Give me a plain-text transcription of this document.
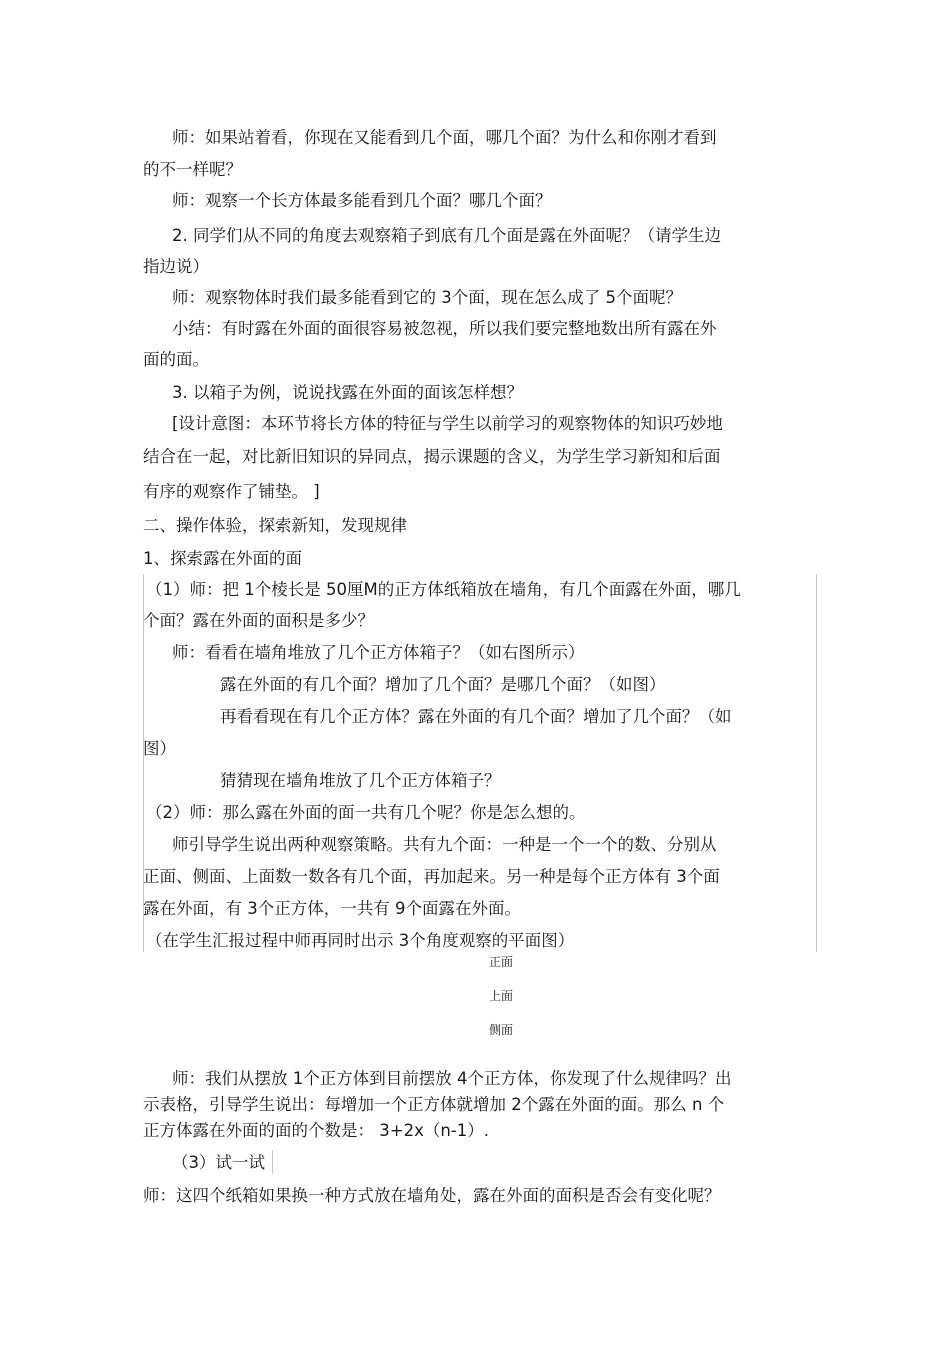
师：如果站着看，你现在又能看到几个面，哪几个面？为什么和你刚才看到

的不一样呢？

师：观察一个长方体最多能看到几个面？哪几个面？

2. 同学们从不同的角度去观察箱子到底有几个面是露在外面呢？（请学生边

指边说）

师：观察物体时我们最多能看到它的 3个面，现在怎么成了 5个面呢？

小结：有时露在外面的面很容易被忽视，所以我们要完整地数出所有露在外

面的面。

3. 以箱子为例，说说找露在外面的面该怎样想？

[设计意图：本环节将长方体的特征与学生以前学习的观察物体的知识巧妙地

结合在一起，对比新旧知识的异同点，揭示课题的含义，为学生学习新知和后面

有序的观察作了铺垫。 ]

二、操作体验，探索新知，发现规律

1、探索露在外面的面

（1）师：把 1个棱长是 50厘M的正方体纸箱放在墙角，有几个面露在外面，哪几

个面？露在外面的面积是多少？

师：看看在墙角堆放了几个正方体箱子？（如右图所示）

露在外面的有几个面？增加了几个面？是哪几个面？（如图）

再看看现在有几个正方体？露在外面的有几个面？增加了几个面？（如

图）

猜猜现在墙角堆放了几个正方体箱子？

（2）师：那么露在外面的面一共有几个呢？你是怎么想的。

师引导学生说出两种观察策略。共有九个面：一种是一个一个的数、分别从

正面、侧面、上面数一数各有几个面，再加起来。另一种是每个正方体有 3个面

露在外面，有 3个正方体，一共有 9个面露在外面。

（在学生汇报过程中师再同时出示 3个角度观察的平面图）

正面

上面

侧面

师：我们从摆放 1个正方体到目前摆放 4个正方体，你发现了什么规律吗？出

示表格，引导学生说出：每增加一个正方体就增加 2个露在外面的面。那么 n 个

正方体露在外面的面的个数是： 3+2x（n-1）.

（3）试一试

师：这四个纸箱如果换一种方式放在墙角处，露在外面的面积是否会有变化呢？
